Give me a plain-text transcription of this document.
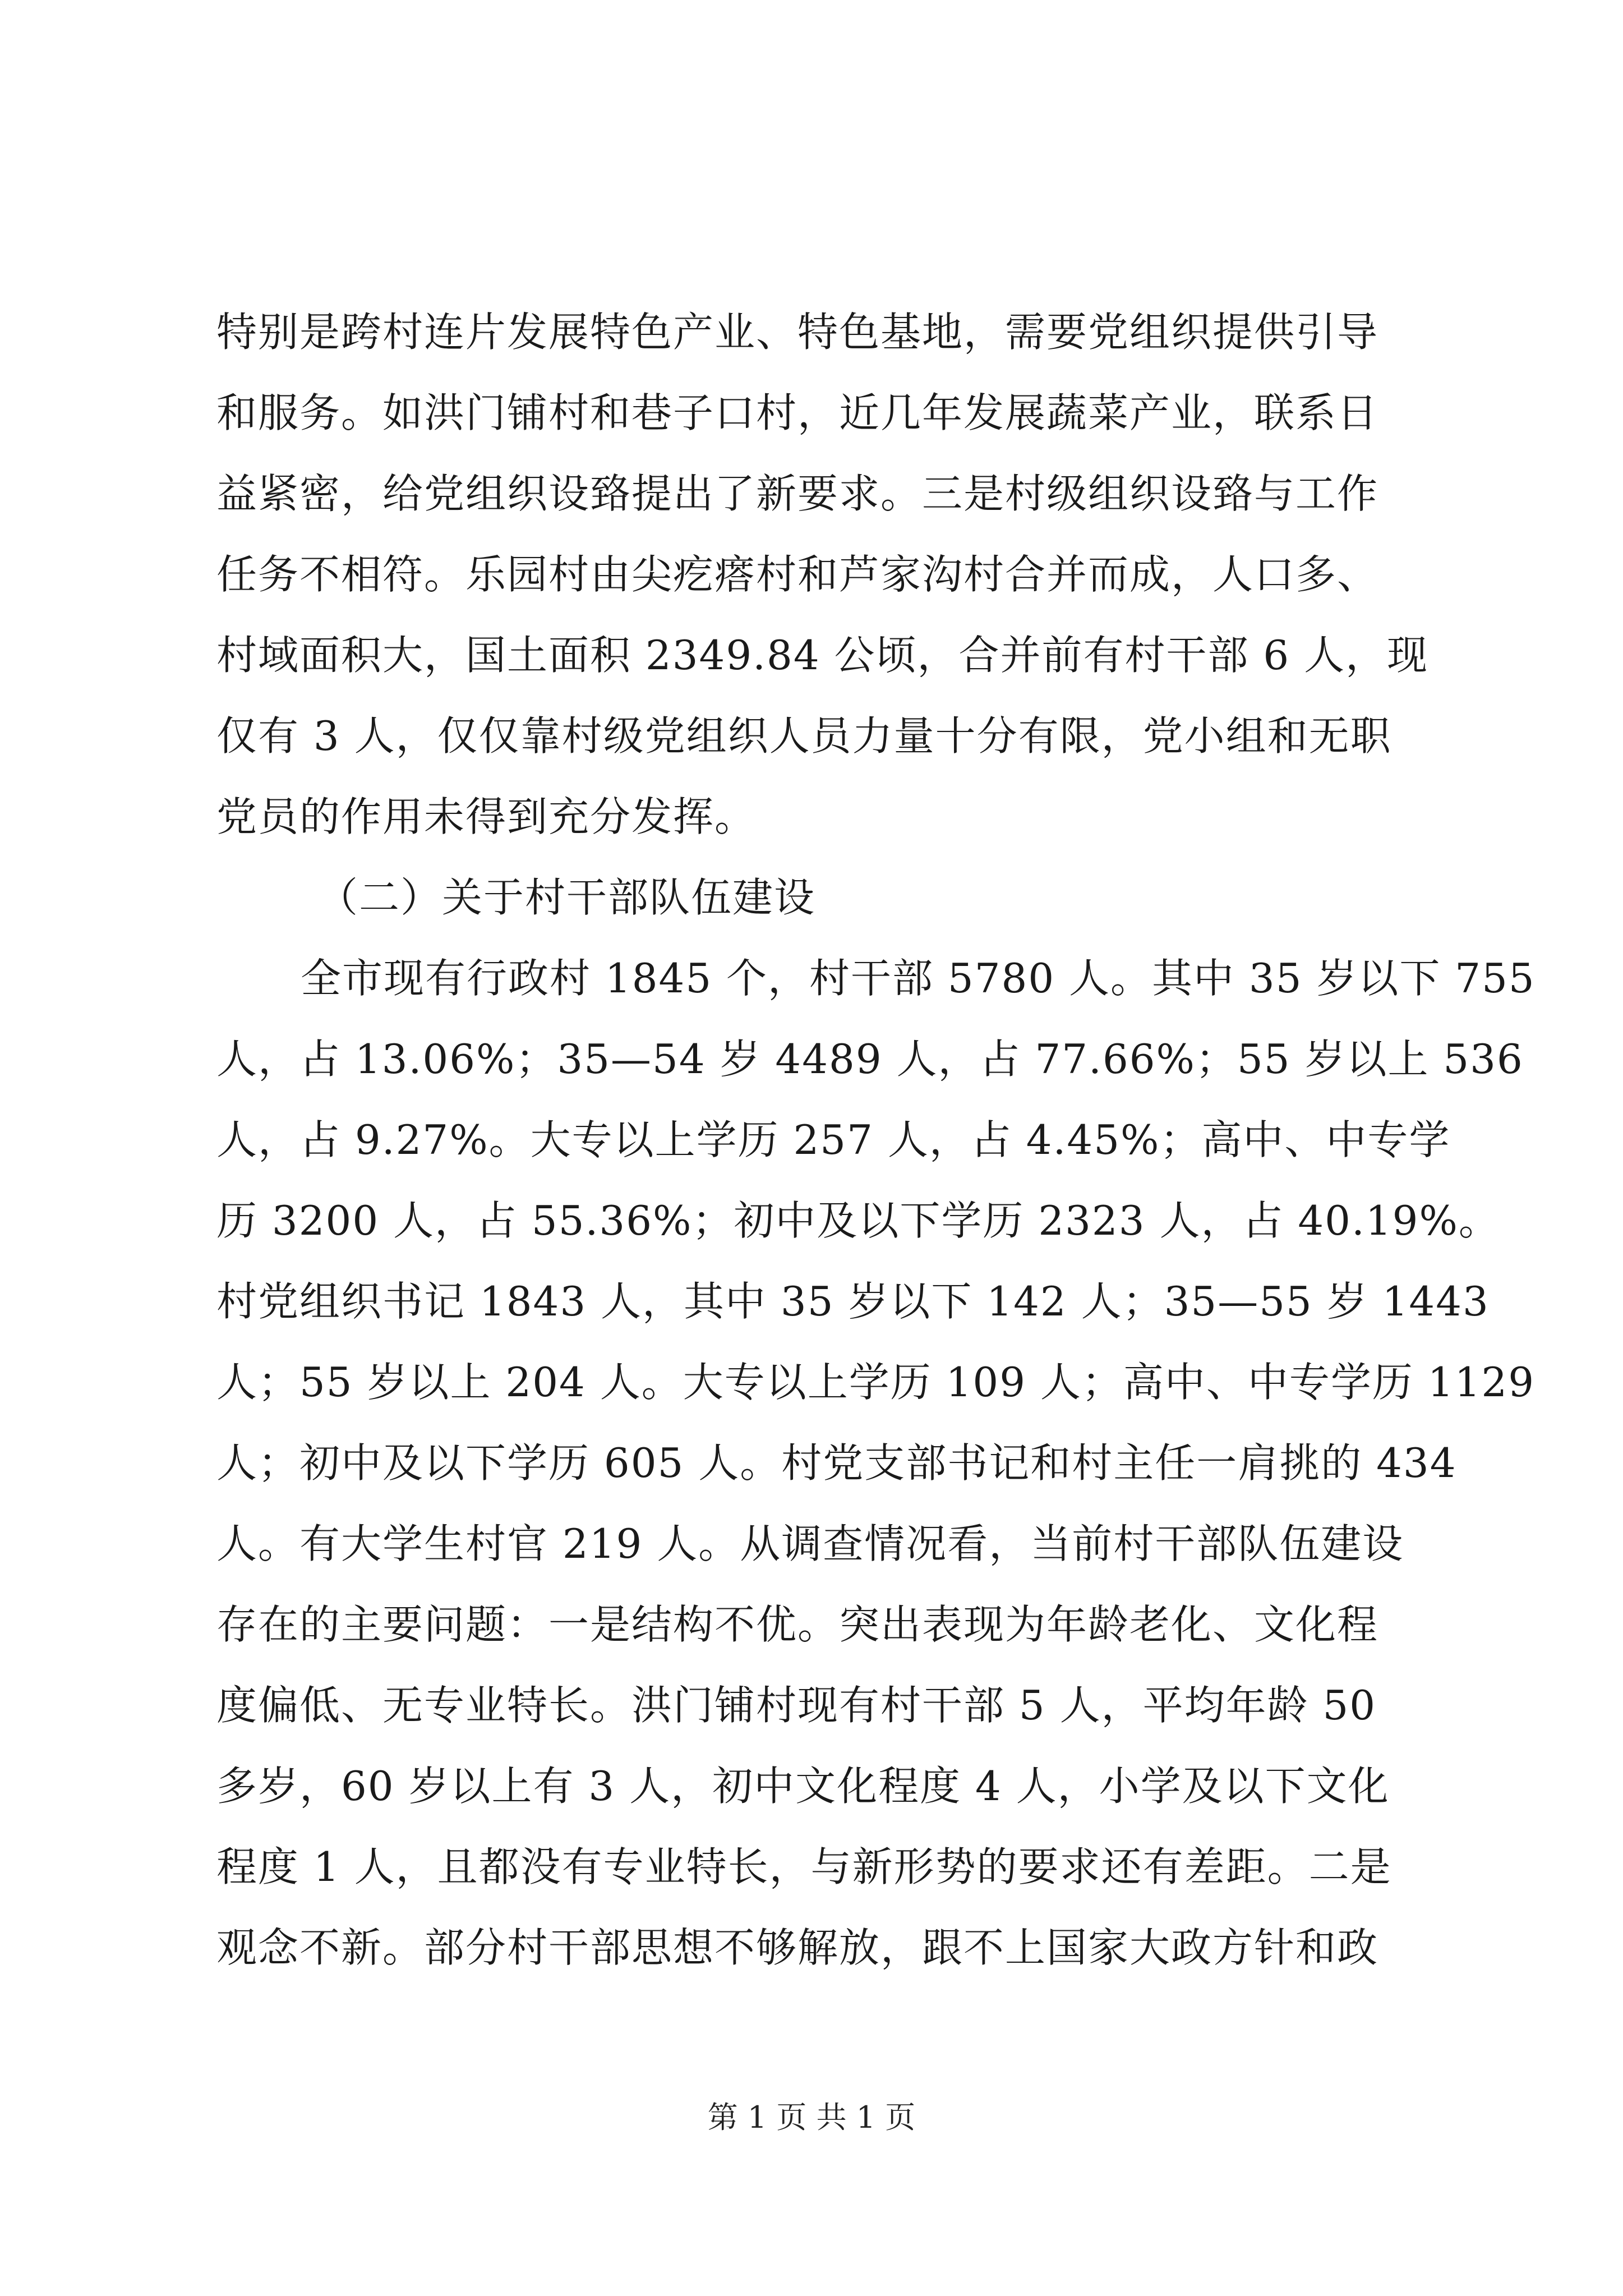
特别是跨村连片发展特色产业、特色基地，需要党组织提供引导
和服务。如洪门铺村和巷子口村，近几年发展蔬菜产业，联系日
益紧密，给党组织设臵提出了新要求。三是村级组织设臵与工作
任务不相符。乐园村由尖疙瘩村和芦家沟村合并而成，人口多、
村域面积大，国土面积 2349.84 公顷，合并前有村干部 6 人，现
仅有 3 人，仅仅靠村级党组织人员力量十分有限，党小组和无职
党员的作用未得到充分发挥。
（二）关于村干部队伍建设
全市现有行政村 1845 个，村干部 5780 人。其中 35 岁以下 755
人，占 13.06%；35—54 岁 4489 人，占 77.66%；55 岁以上 536
人，占 9.27%。大专以上学历 257 人，占 4.45%；高中、中专学
历 3200 人，占 55.36%；初中及以下学历 2323 人，占 40.19%。
村党组织书记 1843 人，其中 35 岁以下 142 人；35—55 岁 1443
人；55 岁以上 204 人。大专以上学历 109 人；高中、中专学历 1129
人；初中及以下学历 605 人。村党支部书记和村主任一肩挑的 434
人。有大学生村官 219 人。从调查情况看，当前村干部队伍建设
存在的主要问题：一是结构不优。突出表现为年龄老化、文化程
度偏低、无专业特长。洪门铺村现有村干部 5 人，平均年龄 50
多岁，60 岁以上有 3 人，初中文化程度 4 人，小学及以下文化
程度 1 人，且都没有专业特长，与新形势的要求还有差距。二是
观念不新。部分村干部思想不够解放，跟不上国家大政方针和政
第 1 页 共 1 页
